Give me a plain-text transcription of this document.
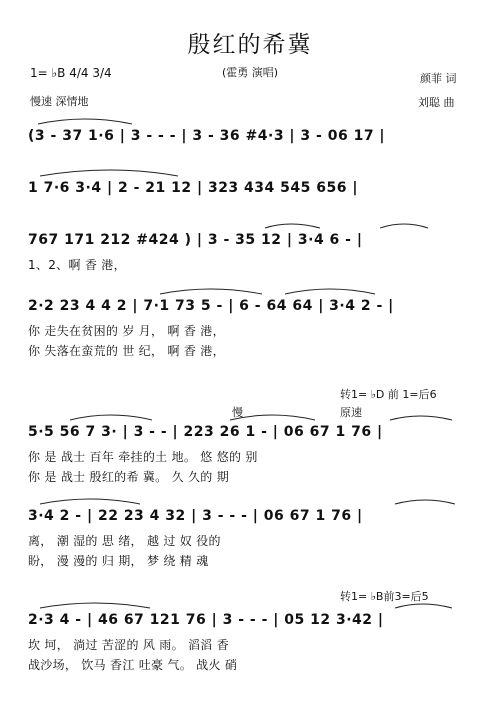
殷红的希冀
(霍勇 演唱)
1= ♭B 4/4 3/4
慢速 深情地
颜菲 词
刘聪 曲
(3 - 37 1·6 | 3 - - - | 3 - 36 #4·3 | 3 - 06 17 |
1 7·6 3·4 | 2 - 21 12 | 323 434 545 656 |
767 171 212 #424 ) | 3 - 35 12 | 3·4 6 - |
1、2、啊 香 港，
2·2 23 4 4 2 | 7·1 73 5 - | 6 - 64 64 | 3·4 2 - |
你 走失在贫困的 岁 月， 啊 香 港，
你 失落在蛮荒的 世 纪， 啊 香 港，
转1= ♭D 前 1=后6
慢	原速
5·5 56 7 3· | 3 - - | 223 26 1 - | 06 67 1 76 |
你 是 战士 百年 牵挂的土 地。 悠 悠的 别
你 是 战士 殷红的希 冀。 久 久的 期
3·4 2 - | 22 23 4 32 | 3 - - - | 06 67 1 76 |
离， 潮 湿的 思 绪， 越 过 奴 役的
盼， 漫 漫的 归 期， 梦 绕 精 魂
转1= ♭B前3=后5
2·3 4 - | 46 67 121 76 | 3 - - - | 05 12 3·42 |
坎 坷， 淌过 苦涩的 风 雨。 滔滔 香
战沙场， 饮马 香江 吐豪 气。 战火 硝
